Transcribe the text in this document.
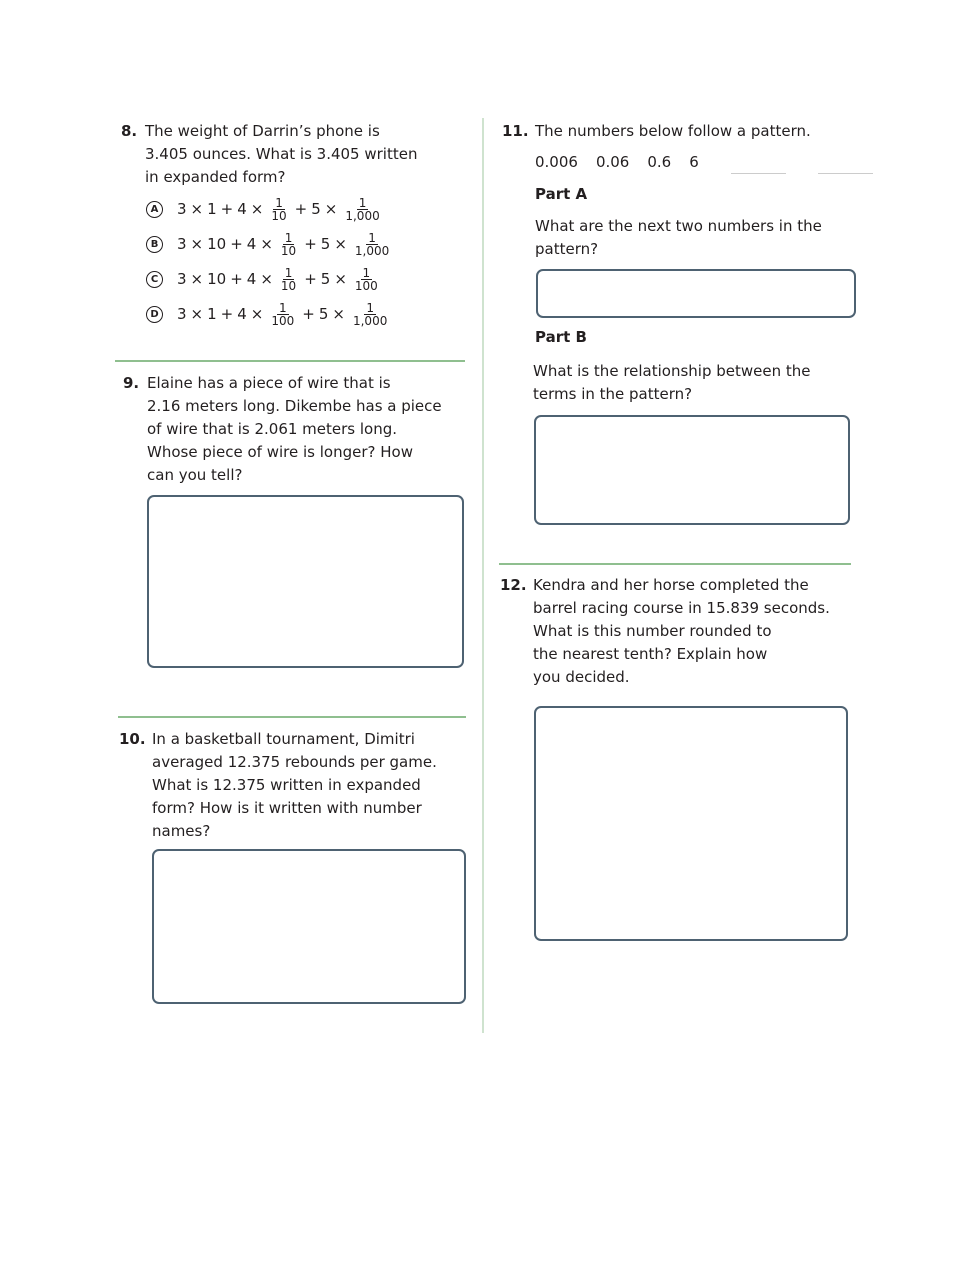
8. The weight of Darrin’s phone is
3.405 ounces. What is 3.405 written
in expanded form?
A	$3 \times 1 + 4 \times \frac{1}{10} + 5 \times \frac{1}{1,000}$
B	$3 \times 10 + 4 \times \frac{1}{10} + 5 \times \frac{1}{1,000}$
C	$3 \times 10 + 4 \times \frac{1}{10} + 5 \times \frac{1}{100}$
D $3 \times 1 + 4 \times \frac{1}{100} + 5 \times \frac{1}{1,000}$
9. Elaine has a piece of wire that is
2.16 meters long. Dikembe has a piece
of wire that is 2.061 meters long.
Whose piece of wire is longer? How
can you tell?
10. In a basketball tournament, Dimitri
averaged 12.375 rebounds per game.
What is 12.375 written in expanded
form? How is it written with number
names?
11. The numbers below follow a pattern.
0.006 0.06 0.6 6
Part A
What are the next two numbers in the
pattern?
Part B
What is the relationship between the
terms in the pattern?
12. Kendra and her horse completed the
barrel racing course in 15.839 seconds.
What is this number rounded to
the nearest tenth? Explain how
you decided.
